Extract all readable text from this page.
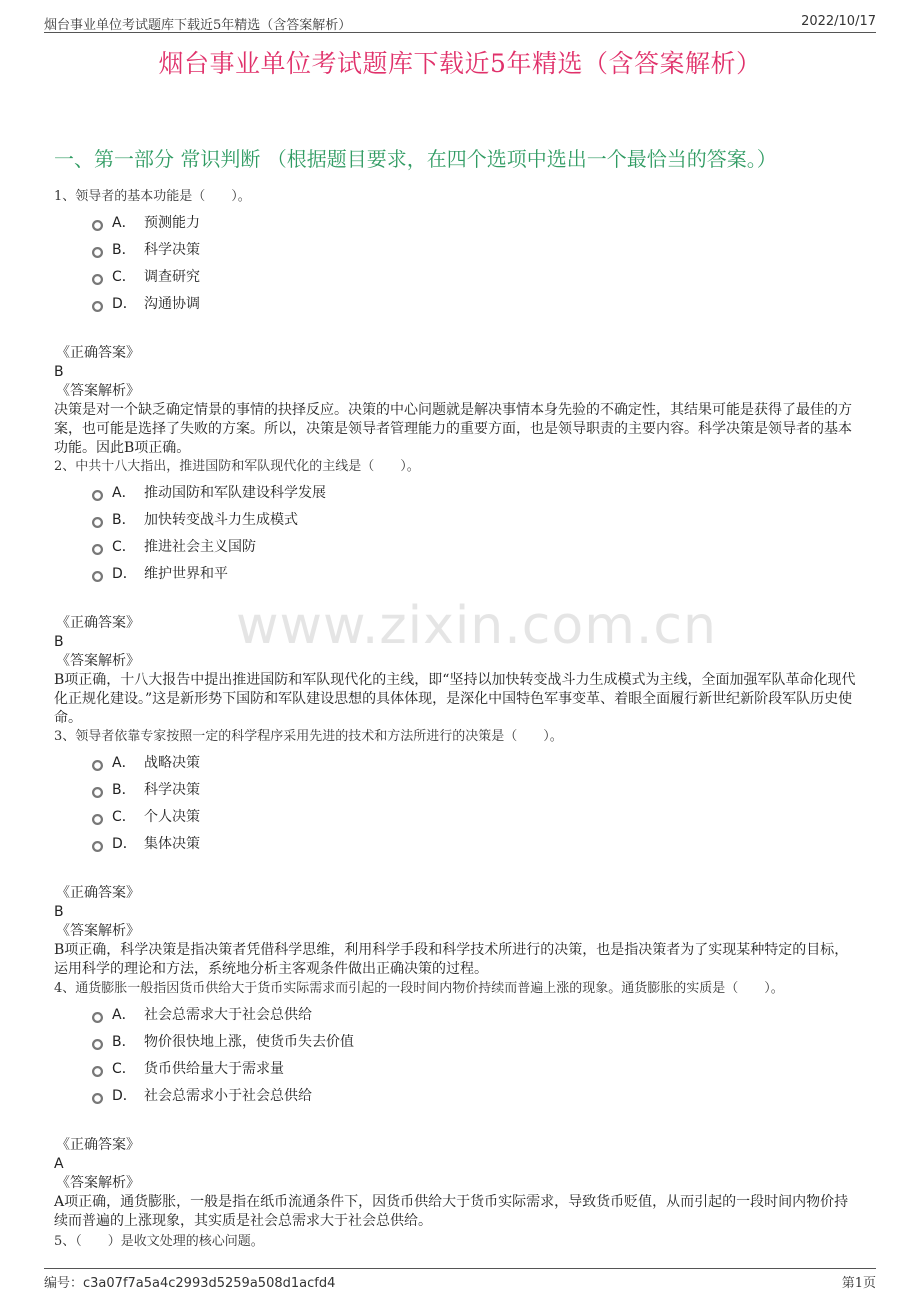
烟台事业单位考试题库下载近5年精选（含答案解析）	2022/10/17
烟台事业单位考试题库下载近5年精选（含答案解析）
一、第一部分 常识判断 （根据题目要求，在四个选项中选出一个最恰当的答案。）
www.zixin.com.cn
1、领导者的基本功能是（　　）。
A． 预测能力
B． 科学决策
C． 调查研究
D． 沟通协调
《正确答案》
B
《答案解析》
决策是对一个缺乏确定情景的事情的抉择反应。决策的中心问题就是解决事情本身先验的不确定性，其结果可能是获得了最佳的方案，也可能是选择了失败的方案。所以，决策是领导者管理能力的重要方面，也是领导职责的主要内容。科学决策是领导者的基本功能。因此B项正确。
2、中共十八大指出，推进国防和军队现代化的主线是（　　）。
A． 推动国防和军队建设科学发展
B． 加快转变战斗力生成模式
C． 推进社会主义国防
D． 维护世界和平
《正确答案》
B
《答案解析》
B项正确，十八大报告中提出推进国防和军队现代化的主线，即“坚持以加快转变战斗力生成模式为主线，全面加强军队革命化现代化正规化建设。”这是新形势下国防和军队建设思想的具体体现，是深化中国特色军事变革、着眼全面履行新世纪新阶段军队历史使命。
3、领导者依靠专家按照一定的科学程序采用先进的技术和方法所进行的决策是（　　）。
A． 战略决策
B． 科学决策
C． 个人决策
D． 集体决策
《正确答案》
B
《答案解析》
B项正确，科学决策是指决策者凭借科学思维，利用科学手段和科学技术所进行的决策，也是指决策者为了实现某种特定的目标，运用科学的理论和方法，系统地分析主客观条件做出正确决策的过程。
4、通货膨胀一般指因货币供给大于货币实际需求而引起的一段时间内物价持续而普遍上涨的现象。通货膨胀的实质是（　　）。
A． 社会总需求大于社会总供给
B． 物价很快地上涨，使货币失去价值
C． 货币供给量大于需求量
D． 社会总需求小于社会总供给
《正确答案》
A
《答案解析》
A项正确，通货膨胀，一般是指在纸币流通条件下，因货币供给大于货币实际需求，导致货币贬值，从而引起的一段时间内物价持续而普遍的上涨现象，其实质是社会总需求大于社会总供给。
5、（　　）是收文处理的核心问题。
编号：c3a07f7a5a4c2993d5259a508d1acfd4	第1页
